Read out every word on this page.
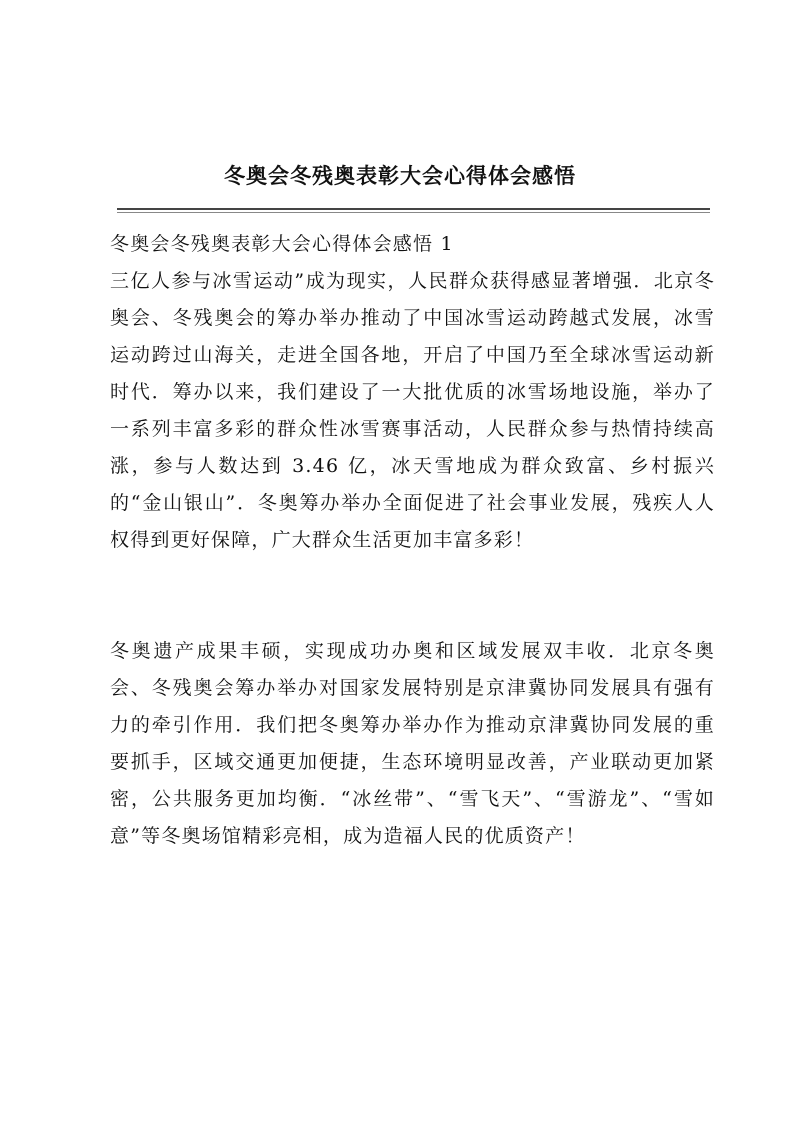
冬奥会冬残奥表彰大会心得体会感悟

冬奥会冬残奥表彰大会心得体会感悟 1

三亿人参与冰雪运动”成为现实，人民群众获得感显著增强．北京冬奥会、冬残奥会的筹办举办推动了中国冰雪运动跨越式发展，冰雪运动跨过山海关，走进全国各地，开启了中国乃至全球冰雪运动新时代．筹办以来，我们建设了一大批优质的冰雪场地设施，举办了一系列丰富多彩的群众性冰雪赛事活动，人民群众参与热情持续高涨，参与人数达到 3.46 亿，冰天雪地成为群众致富、乡村振兴的“金山银山”．冬奥筹办举办全面促进了社会事业发展，残疾人人权得到更好保障，广大群众生活更加丰富多彩！

冬奥遗产成果丰硕，实现成功办奥和区域发展双丰收．北京冬奥会、冬残奥会筹办举办对国家发展特别是京津冀协同发展具有强有力的牵引作用．我们把冬奥筹办举办作为推动京津冀协同发展的重要抓手，区域交通更加便捷，生态环境明显改善，产业联动更加紧密，公共服务更加均衡．“冰丝带”、“雪飞天”、“雪游龙”、“雪如意”等冬奥场馆精彩亮相，成为造福人民的优质资产！
